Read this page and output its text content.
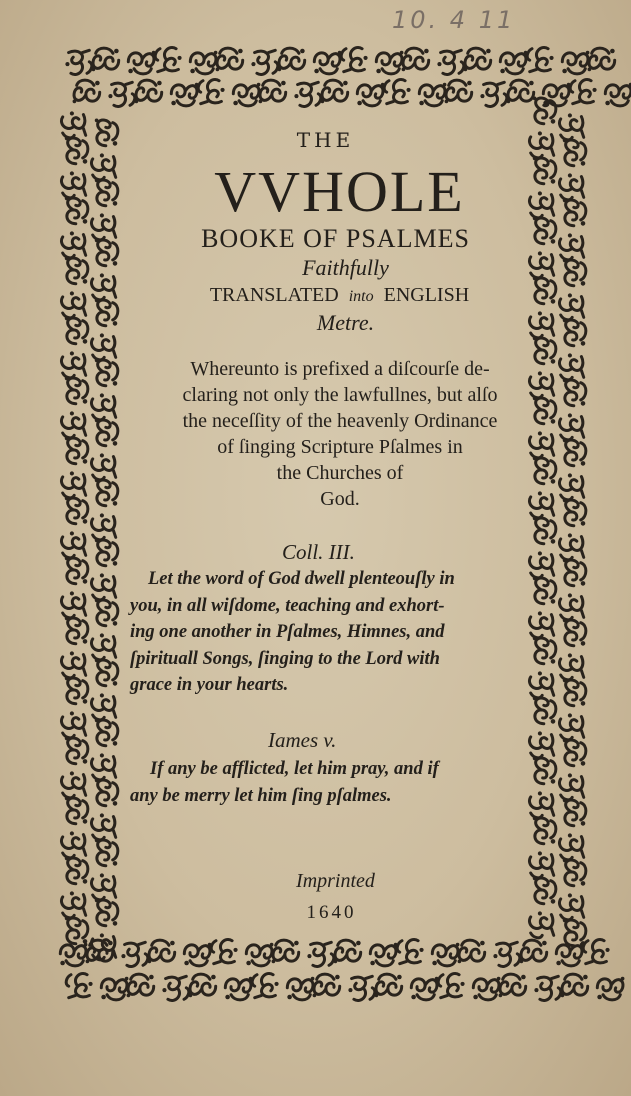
10. 4 11
THE
VVHOLE
BOOKE OF PSALMES
Faithfully
TRANSLATED into ENGLISH
Metre.
Whereunto is prefixed a diſcourſe de-
claring not only the lawfullnes, but alſo
the neceſſity of the heavenly Ordinance
of ſinging Scripture Pſalmes in
the Churches of
God.
Coll. III.
Let the word of God dwell plenteouſly in
you, in all wiſdome, teaching and exhort-
ing one another in Pſalmes, Himnes, and
ſpirituall Songs, ſinging to the Lord with
grace in your hearts.
Iames v.
If any be afflicted, let him pray, and if
any be merry let him ſing pſalmes.
Imprinted
1640
